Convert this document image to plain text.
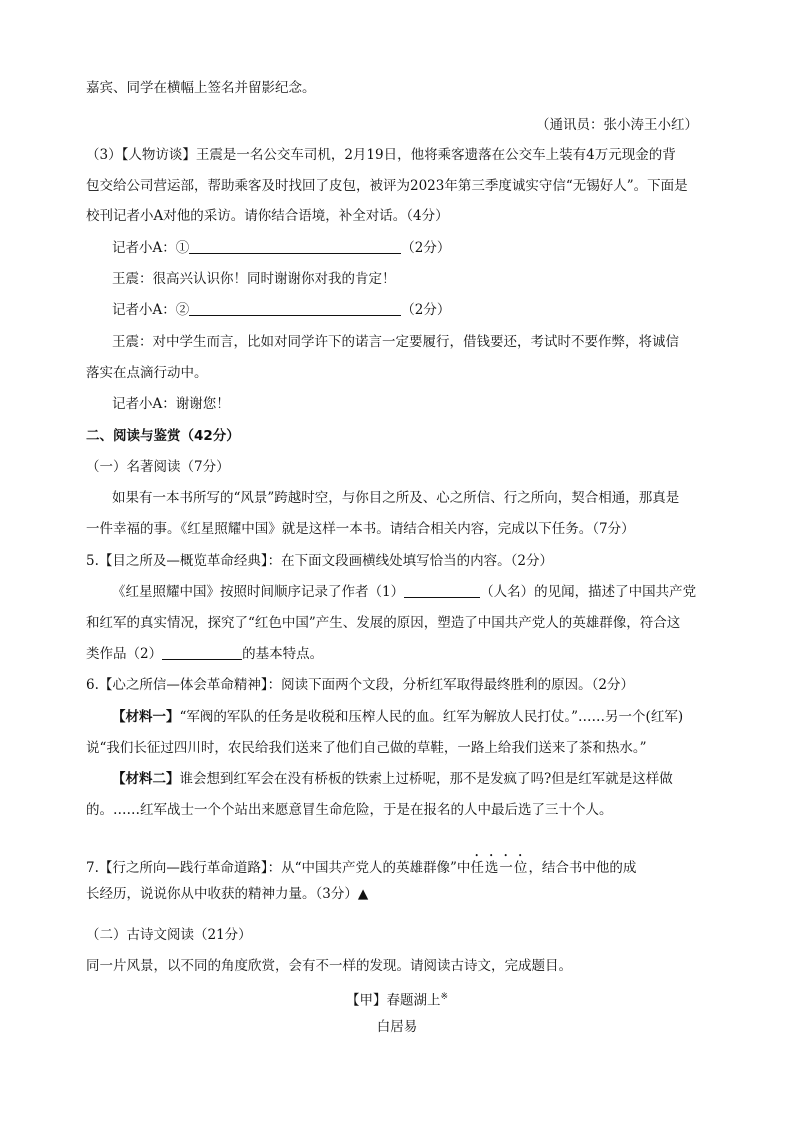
嘉宾、同学在横幅上签名并留影纪念。
（通讯员：张小涛王小红）
（3）【人物访谈】王震是一名公交车司机，2月19日，他将乘客遗落在公交车上装有4万元现金的背
包交给公司营运部，帮助乘客及时找回了皮包，被评为2023年第三季度诚实守信“无锡好人”。下面是
校刊记者小A对他的采访。请你结合语境，补全对话。（4分）
记者小A：①	（2分）
王震：很高兴认识你！同时谢谢你对我的肯定！
记者小A：②	（2分）
王震：对中学生而言，比如对同学许下的诺言一定要履行，借钱要还，考试时不要作弊，将诚信
落实在点滴行动中。
记者小A：谢谢您！
二、阅读与鉴赏（42分）
（一）名著阅读（7分）
如果有一本书所写的“风景”跨越时空，与你目之所及、心之所信、行之所向，契合相通，那真是
一件幸福的事。《红星照耀中国》就是这样一本书。请结合相关内容，完成以下任务。（7分）
5.【目之所及—概览革命经典】：在下面文段画横线处填写恰当的内容。（2分）
《红星照耀中国》按照时间顺序记录了作者（1）	（人名）的见闻，描述了中国共产党
和红军的真实情况，探究了“红色中国”产生、发展的原因，塑造了中国共产党人的英雄群像，符合这
类作品（2）	的基本特点。
6.【心之所信—体会革命精神】：阅读下面两个文段，分析红军取得最终胜利的原因。（2分）
【材料一】“军阀的军队的任务是收税和压榨人民的血。红军为解放人民打仗。”……另一个(红军)
说“我们长征过四川时，农民给我们送来了他们自己做的草鞋，一路上给我们送来了茶和热水。”
【材料二】谁会想到红军会在没有桥板的铁索上过桥呢，那不是发疯了吗?但是红军就是这样做
的。……红军战士一个个站出来愿意冒生命危险，于是在报名的人中最后选了三十个人。
7.【行之所向—践行革命道路】：从“中国共产党人的英雄群像”中任选一位，结合书中他的成
长经历，说说你从中收获的精神力量。（3分）▲
（二）古诗文阅读（21分）
同一片风景，以不同的角度欣赏，会有不一样的发现。请阅读古诗文，完成题目。
【甲】春题湖上※
白居易
